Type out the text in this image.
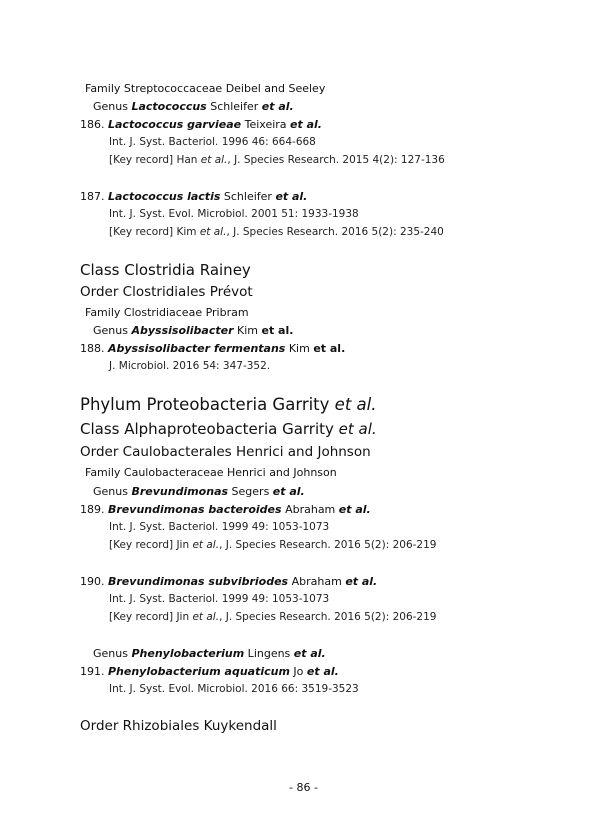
Family Streptococcaceae Deibel and Seeley
Genus Lactococcus Schleifer et al.
186. Lactococcus garvieae Teixeira et al.
Int. J. Syst. Bacteriol. 1996 46: 664-668
[Key record] Han et al., J. Species Research. 2015 4(2): 127-136
187. Lactococcus lactis Schleifer et al.
Int. J. Syst. Evol. Microbiol. 2001 51: 1933-1938
[Key record] Kim et al., J. Species Research. 2016 5(2): 235-240
Class Clostridia Rainey
Order Clostridiales Prévot
Family Clostridiaceae Pribram
Genus Abyssisolibacter Kim et al.
188. Abyssisolibacter fermentans Kim et al.
J. Microbiol. 2016 54: 347-352.
Phylum Proteobacteria Garrity et al.
Class Alphaproteobacteria Garrity et al.
Order Caulobacterales Henrici and Johnson
Family Caulobacteraceae Henrici and Johnson
Genus Brevundimonas Segers et al.
189. Brevundimonas bacteroides Abraham et al.
Int. J. Syst. Bacteriol. 1999 49: 1053-1073
[Key record] Jin et al., J. Species Research. 2016 5(2): 206-219
190. Brevundimonas subvibriodes Abraham et al.
Int. J. Syst. Bacteriol. 1999 49: 1053-1073
[Key record] Jin et al., J. Species Research. 2016 5(2): 206-219
Genus Phenylobacterium Lingens et al.
191. Phenylobacterium aquaticum Jo et al.
Int. J. Syst. Evol. Microbiol. 2016 66: 3519-3523
Order Rhizobiales Kuykendall
- 86 -
